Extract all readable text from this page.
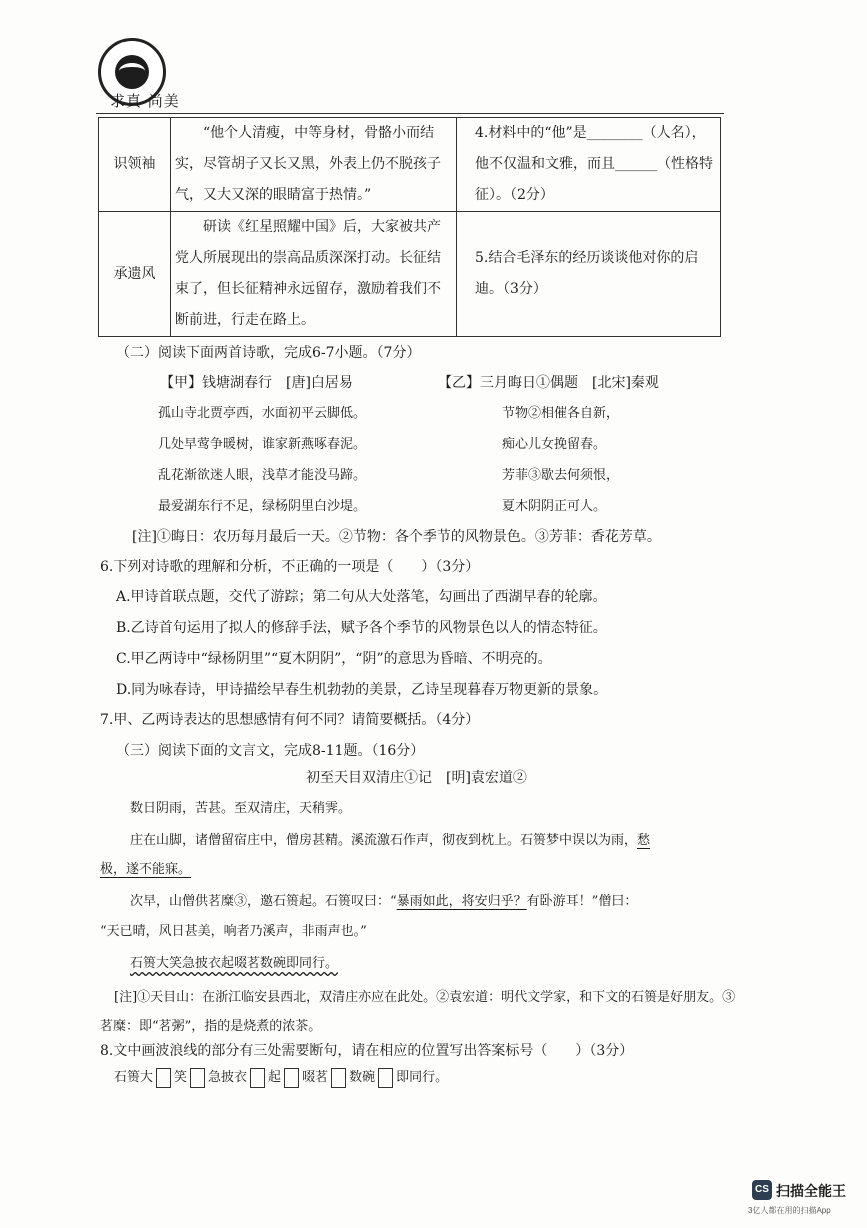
求真 尚美
识领袖	“他个人清瘦，中等身材，骨骼小而结实，尽管胡子又长又黑，外表上仍不脱孩子气，又大又深的眼睛富于热情。”	4.材料中的“他”是________（人名），他不仅温和文雅，而且______（性格特征）。（2分）
承遗风	研读《红星照耀中国》后，大家被共产党人所展现出的崇高品质深深打动。长征结束了，但长征精神永远留存，激励着我们不断前进，行走在路上。	5.结合毛泽东的经历谈谈他对你的启迪。（3分）
（二）阅读下面两首诗歌，完成6-7小题。（7分）
【甲】钱塘湖春行　[唐]白居易	【乙】三月晦日①偶题　[北宋]秦观
孤山寺北贾亭西，水面初平云脚低。
几处早莺争暖树，谁家新燕啄春泥。
乱花渐欲迷人眼，浅草才能没马蹄。
最爱湖东行不足，绿杨阴里白沙堤。
节物②相催各自新，
痴心儿女挽留春。
芳菲③歇去何须恨，
夏木阴阴正可人。
[注]①晦日：农历每月最后一天。②节物：各个季节的风物景色。③芳菲：香花芳草。
6.下列对诗歌的理解和分析，不正确的一项是（　　）（3分）
A.甲诗首联点题，交代了游踪；第二句从大处落笔，勾画出了西湖早春的轮廓。
B.乙诗首句运用了拟人的修辞手法，赋予各个季节的风物景色以人的情态特征。
C.甲乙两诗中“绿杨阴里”“夏木阴阴”，“阴”的意思为昏暗、不明亮的。
D.同为咏春诗，甲诗描绘早春生机勃勃的美景，乙诗呈现暮春万物更新的景象。
7.甲、乙两诗表达的思想感情有何不同？请简要概括。（4分）
（三）阅读下面的文言文，完成8-11题。（16分）
初至天目双清庄①记　[明]袁宏道②
数日阴雨，苦甚。至双清庄，天稍霁。
庄在山脚，诸僧留宿庄中，僧房甚精。溪流激石作声，彻夜到枕上。石篑梦中误以为雨，愁
极，遂不能寐。
次早，山僧供茗糜③，邀石篑起。石篑叹曰：“暴雨如此，将安归乎？有卧游耳！”僧曰：
“天已晴，风日甚美，响者乃溪声，非雨声也。”
石篑大笑急披衣起啜茗数碗即同行。
[注]①天目山：在浙江临安县西北，双清庄亦应在此处。②袁宏道：明代文学家，和下文的石篑是好朋友。③
茗糜：即“茗粥”，指的是烧煮的浓茶。
8.文中画波浪线的部分有三处需要断句，请在相应的位置写出答案标号（　　）（3分）
石篑大 笑 急披衣 起 啜茗 数碗 即同行。
CS 扫描全能王
3亿人都在用的扫描App
